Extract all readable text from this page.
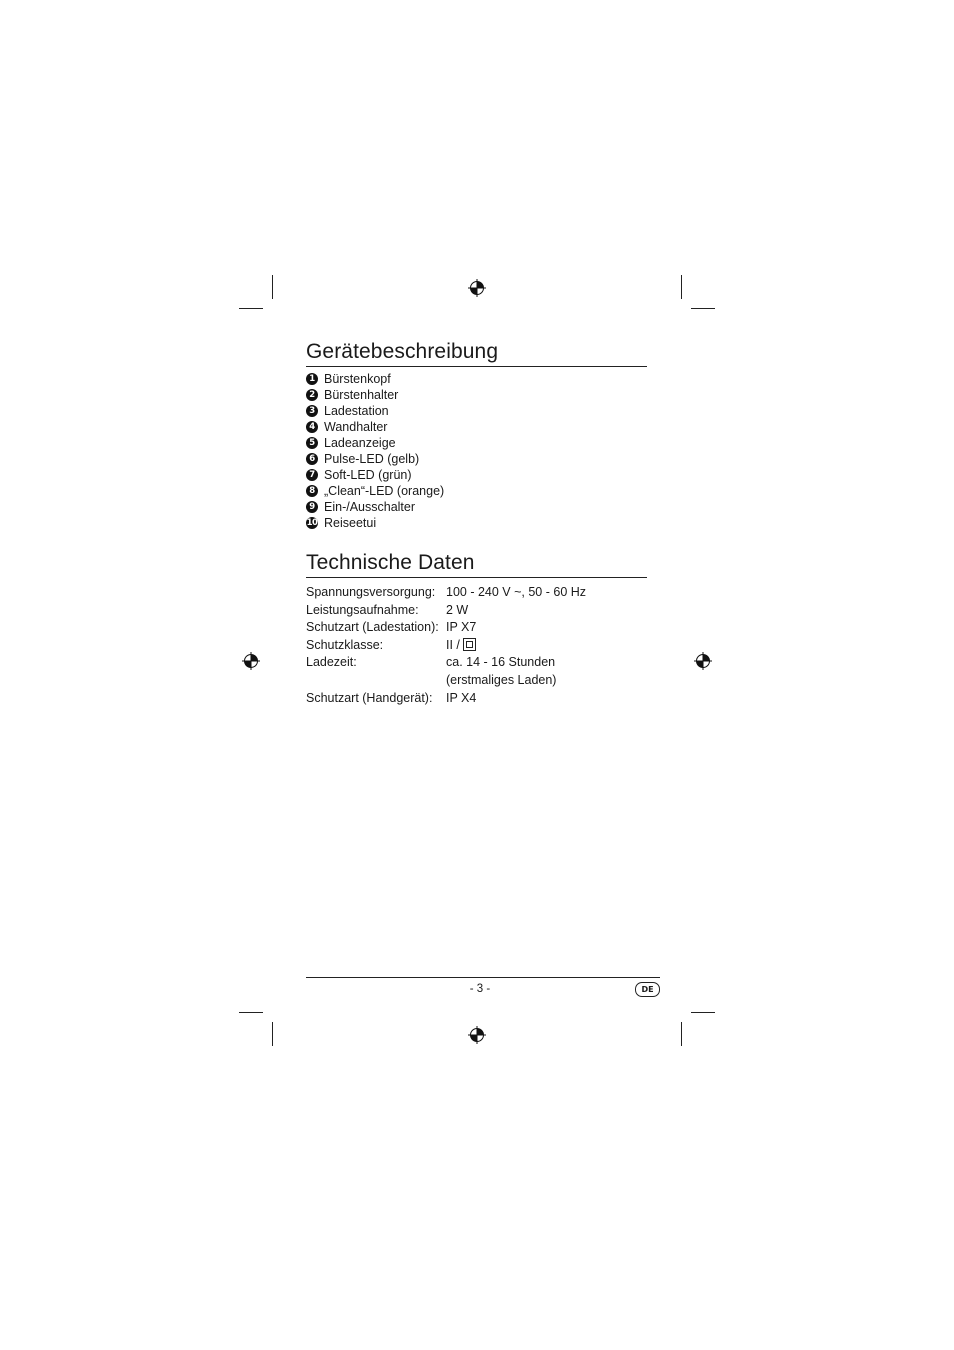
Gerätebeschreibung
1 Bürstenkopf
2 Bürstenhalter
3 Ladestation
4 Wandhalter
5 Ladeanzeige
6 Pulse-LED (gelb)
7 Soft-LED (grün)
8 „Clean“-LED (orange)
9 Ein-/Ausschalter
10 Reiseetui
Technische Daten
Spannungsversorgung:	100 - 240 V ~, 50 - 60 Hz
Leistungsaufnahme:	2 W
Schutzart (Ladestation):	IP X7
Schutzklasse:	II /
Ladezeit:	ca. 14 - 16 Stunden
	(erstmaliges Laden)
Schutzart (Handgerät):	IP X4
- 3 -	DE
